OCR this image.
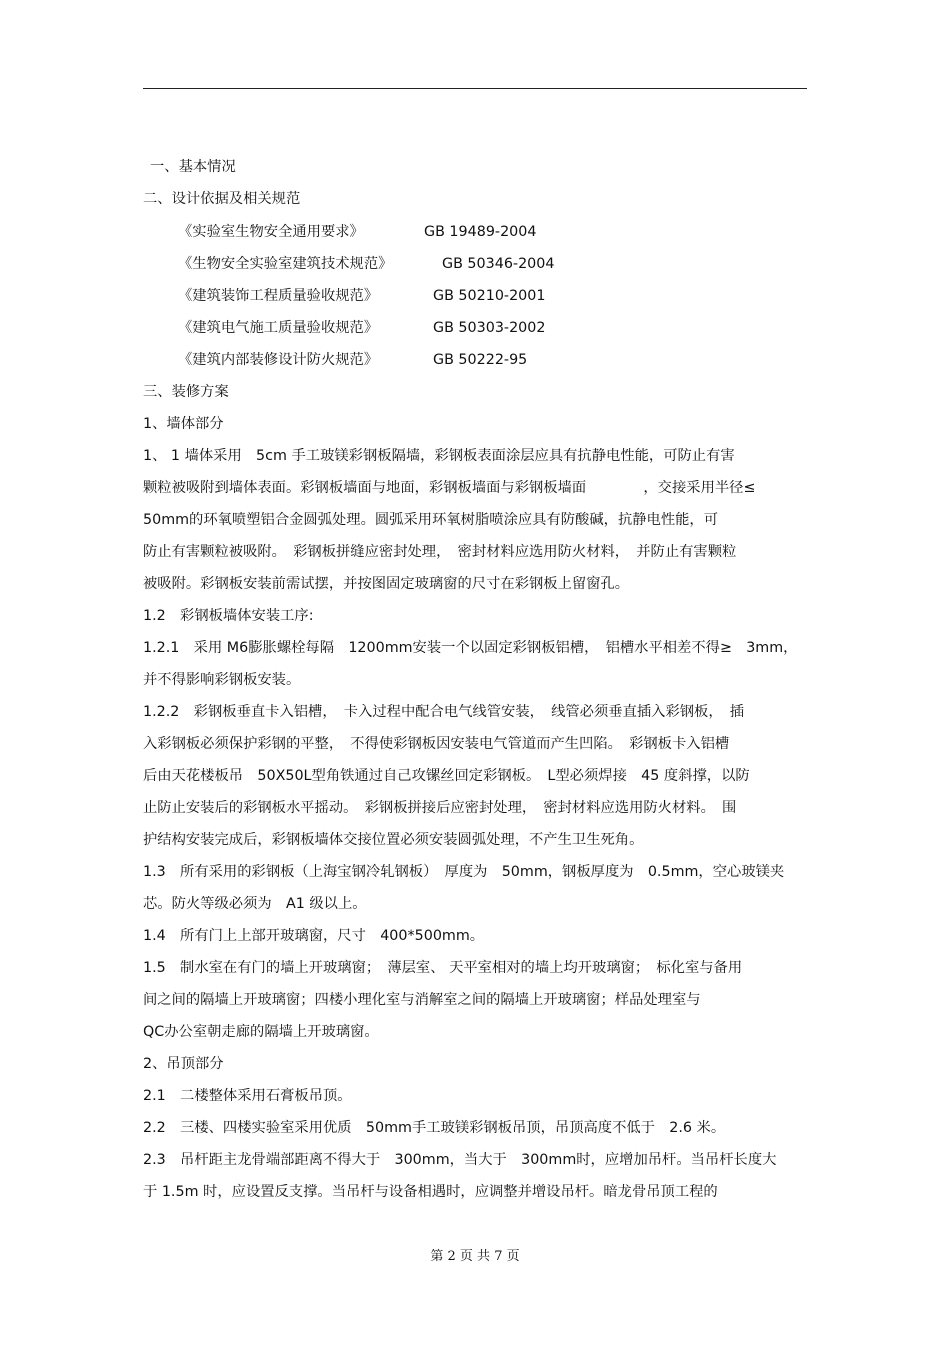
一、基本情况
二、设计依据及相关规范
《实验室生物安全通用要求》	GB 19489-2004
《生物安全实验室建筑技术规范》	GB 50346-2004
《建筑装饰工程质量验收规范》	GB 50210-2001
《建筑电气施工质量验收规范》	GB 50303-2002
《建筑内部装修设计防火规范》	GB 50222-95
三、装修方案
1、墙体部分
1、 1 墙体采用　5cm 手工玻镁彩钢板隔墙，彩钢板表面涂层应具有抗静电性能，可防止有害
颗粒被吸附到墙体表面。彩钢板墙面与地面，彩钢板墙面与彩钢板墙面　　　　，交接采用半径≤
50mm的环氧喷塑铝合金圆弧处理。圆弧采用环氧树脂喷涂应具有防酸碱，抗静电性能，可
防止有害颗粒被吸附。　彩钢板拼缝应密封处理，　密封材料应选用防火材料，　并防止有害颗粒
被吸附。彩钢板安装前需试摆，并按图固定玻璃窗的尺寸在彩钢板上留窗孔。
1.2　彩钢板墙体安装工序:
1.2.1　采用 M6膨胀螺栓每隔　1200mm安装一个以固定彩钢板铝槽，　铝槽水平相差不得≥　3mm，
并不得影响彩钢板安装。
1.2.2　彩钢板垂直卡入铝槽，　卡入过程中配合电气线管安装，　线管必须垂直插入彩钢板，　插
入彩钢板必须保护彩钢的平整，　不得使彩钢板因安装电气管道而产生凹陷。　彩钢板卡入铝槽
后由天花楼板吊　50X50L型角铁通过自己攻镙丝回定彩钢板。　L型必须焊接　45 度斜撑，以防
止防止安装后的彩钢板水平摇动。　彩钢板拼接后应密封处理，　密封材料应选用防火材料。　围
护结构安装完成后，彩钢板墙体交接位置必须安装圆弧处理，不产生卫生死角。
1.3　所有采用的彩钢板（上海宝钢冷轧钢板）　厚度为　50mm，钢板厚度为　0.5mm，空心玻镁夹
芯。防火等级必须为　A1 级以上。
1.4　所有门上上部开玻璃窗，尺寸　400*500mm。
1.5　制水室在有门的墙上开玻璃窗；　薄层室、 天平室相对的墙上均开玻璃窗；　标化室与备用
间之间的隔墙上开玻璃窗；四楼小理化室与消解室之间的隔墙上开玻璃窗；样品处理室与
QC办公室朝走廊的隔墙上开玻璃窗。
2、吊顶部分
2.1　二楼整体采用石膏板吊顶。
2.2　三楼、四楼实验室采用优质　50mm手工玻镁彩钢板吊顶，吊顶高度不低于　2.6 米。
2.3　吊杆距主龙骨端部距离不得大于　300mm，当大于　300mm时，应增加吊杆。当吊杆长度大
于 1.5m 时，应设置反支撑。当吊杆与设备相遇时，应调整并增设吊杆。暗龙骨吊顶工程的
第 2 页 共 7 页
